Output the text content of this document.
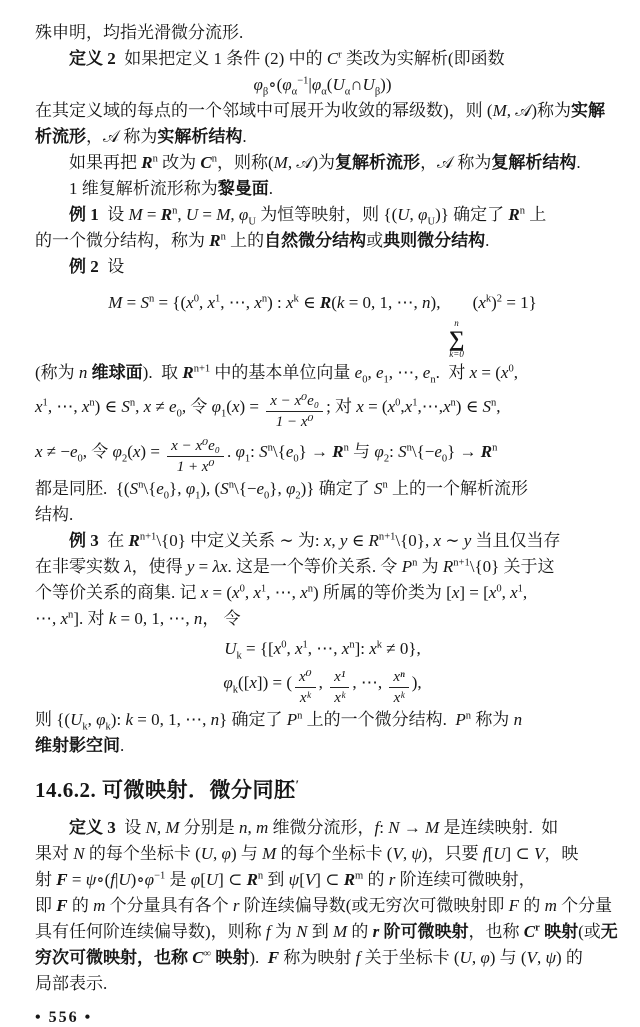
殊申明，均指光滑微分流形.
定义 2  如果把定义 1 条件 (2) 中的 $C^r$ 类改为实解析(即函数
$\varphi_\beta\circ(\varphi_\alpha^{-1}|\varphi_\alpha(U_\alpha\cap U_\beta))$
在其定义域的每点的一个邻域中可展开为收敛的幂级数)，则 (M, 𝒜)称为实解
析流形，𝒜 称为实解析结构.
如果再把 $R^n$ 改为 $C^n$，则称(M, 𝒜)为复解析流形，𝒜 称为复解析结构.
1 维复解析流形称为黎曼面.
例 1  设 $M = R^n$, U = M, $\varphi_U$ 为恒等映射，则 {(U, $\varphi_U$)} 确定了 $R^n$ 上
的一个微分结构，称为 $R^n$ 上的自然微分结构或典则微分结构.
例 2  设
$M = S^n = \{(x^0$, $x^1$, ⋯, $x^n$) : $x^k$ ∈ R(k = 0, 1, ⋯, n),
n
∑
k=0
$(x^k)^2 = 1$}
(称为 n 维球面).  取 $R^{n+1}$ 中的基本单位向量 $e_0$, $e_1$, ⋯, $e_n$.  对 $x = (x^0$,
$x^1$, ⋯, $x^n$) ∈ $S^n$, $x \ne e_0$, 令 $\varphi_1(x) = \frac{\text{x − x⁰e₀}}{\text{1 − x⁰}}$ ; 对 $x = (x^0,x^1,\cdots,x^n)$ ∈ $S^n$,
$x \ne -e_0$, 令 $\varphi_2(x) = \frac{\text{x − x⁰e₀}}{\text{1 + x⁰}}$ . $\varphi_1$: $S^n\backslash\{e_0\} \to R^n$ 与 $\varphi_2$: $S^n\backslash\{-e_0\} \to R^n$
都是同胚.  {($S^n\backslash\{e_0\}$, $\varphi_1$), ($S^n\backslash\{-e_0\}$, $\varphi_2$)} 确定了 $S^n$ 上的一个解析流形
结构.
例 3  在 $R^{n+1}\backslash\{0\}$ 中定义关系 ∼ 为: x, y ∈ $R^{n+1}\backslash\{0\}$, x ∼ y 当且仅当存
在非零实数 λ，使得 y = λx. 这是一个等价关系. 令 $P^n$ 为 $R^{n+1}\backslash\{0\}$ 关于这
个等价关系的商集. 记 $x = (x^0$, $x^1$, ⋯, $x^n$) 所属的等价类为 $[x] = [x^0$, $x^1$,
⋯, $x^n$]. 对 k = 0, 1, ⋯, n， 令
$U_k = \{[x^0$, $x^1$, ⋯, $x^n$]: $x^k \ne 0$},
$\varphi_k([x])$ = ( $\frac{\text{x⁰}}{\text{xᵏ}}$ , $\frac{\text{x¹}}{\text{xᵏ}}$ , ⋯, $\frac{\text{xⁿ}}{\text{xᵏ}}$ ),
则 {($U_k$, $\varphi_k$): k = 0, 1, ⋯, n} 确定了 $P^n$ 上的一个微分结构.  $P^n$ 称为 n
维射影空间.
14.6.2. 可微映射．微分同胚′
定义 3  设 N, M 分别是 n, m 维微分流形，f: N → M 是连续映射.  如
果对 N 的每个坐标卡 (U, φ) 与 M 的每个坐标卡 (V, ψ)，只要 f[U] ⊂ V，映
射 $F = \psi\circ(f|U)\circ\varphi^{-1}$ 是 φ[U] ⊂ $R^n$ 到 ψ[V] ⊂ $R^m$ 的 r 阶连续可微映射，
即 F 的 m 个分量具有各个 r 阶连续偏导数(或无穷次可微映射即 F 的 m 个分量
具有任何阶连续偏导数)，则称 f 为 N 到 M 的 r 阶可微映射，也称 $C^r$ 映射(或无
穷次可微映射，也称 C∞ 映射).  F 称为映射 f 关于坐标卡 (U, φ) 与 (V, ψ) 的
局部表示.
• 556 •
